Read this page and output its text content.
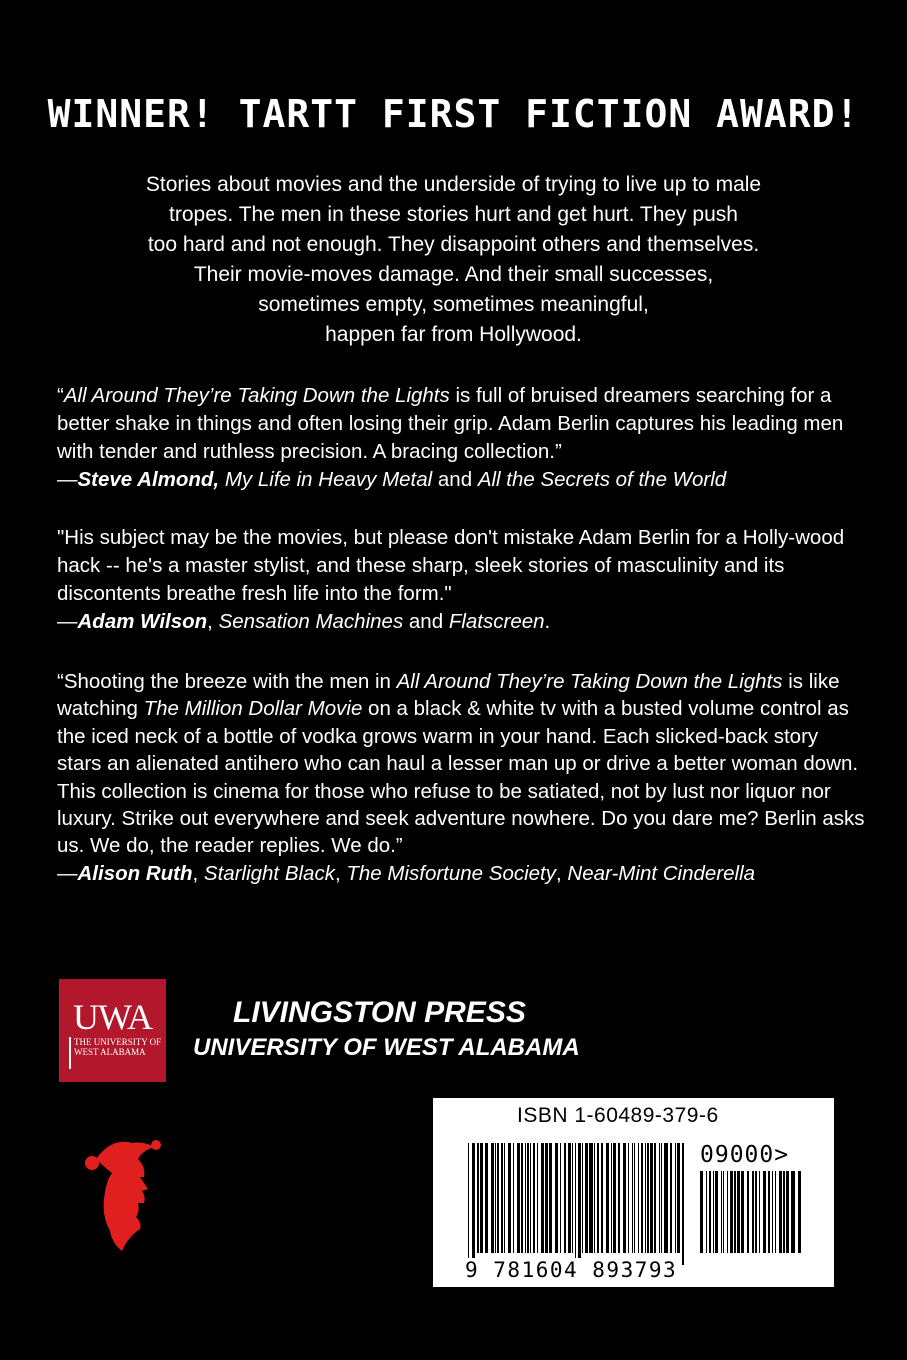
WINNER! TARTT FIRST FICTION AWARD!
Stories about movies and the underside of trying to live up to male
tropes. The men in these stories hurt and get hurt. They push
too hard and not enough. They disappoint others and themselves.
Their movie-moves damage. And their small successes,
sometimes empty, sometimes meaningful,
happen far from Hollywood.
“All Around They’re Taking Down the Lights is full of bruised dreamers searching for a better shake in things and often losing their grip. Adam Berlin captures his leading men with tender and ruthless precision. A bracing collection.”
—Steve Almond, My Life in Heavy Metal and All the Secrets of the World
"His subject may be the movies, but please don't mistake Adam Berlin for a Holly-wood hack -- he's a master stylist, and these sharp, sleek stories of masculinity and its discontents breathe fresh life into the form."
—Adam Wilson, Sensation Machines and Flatscreen.
“Shooting the breeze with the men in All Around They’re Taking Down the Lights is like watching The Million Dollar Movie on a black & white tv with a busted volume control as the iced neck of a bottle of vodka grows warm in your hand. Each slicked-back story stars an alienated antihero who can haul a lesser man up or drive a better woman down. This collection is cinema for those who refuse to be satiated, not by lust nor liquor nor luxury. Strike out everywhere and seek adventure nowhere. Do you dare me? Berlin asks us. We do, the reader replies. We do.”
—Alison Ruth, Starlight Black, The Misfortune Society, Near-Mint Cinderella
UWA
THE UNIVERSITY OF WEST ALABAMA
LIVINGSTON PRESS
UNIVERSITY OF WEST ALABAMA
ISBN 1-60489-379-6
09000>
9 781604 893793
